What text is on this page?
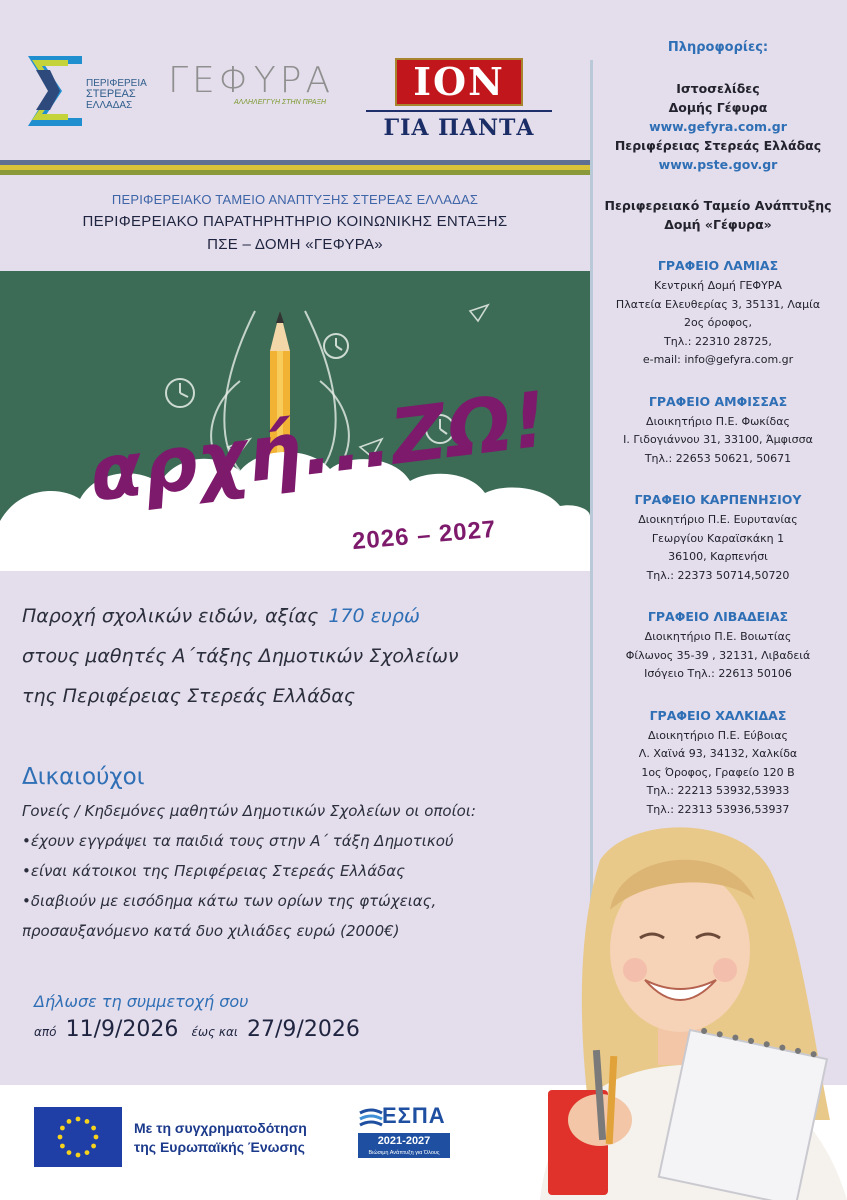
ΠΕΡΙΦΕΡΕΙΑ
ΣΤΕΡΕΑΣ
ΕΛΛΑΔΑΣ
ΓΕΦΥΡΑ
ΑΛΛΗΛΕΓΓΥΗ ΣΤΗΝ ΠΡΑΞΗ	ΙΟΝ
ΓΙΑ ΠΑΝΤΑ
ΠΕΡΙΦΕΡΕΙΑΚΟ ΤΑΜΕΙΟ ΑΝΑΠΤΥΞΗΣ ΣΤΕΡΕΑΣ ΕΛΛΑΔΑΣ
ΠΕΡΙΦΕΡΕΙΑΚΟ ΠΑΡΑΤΗΡΗΤΗΡΙΟ ΚΟΙΝΩΝΙΚΗΣ ΕΝΤΑΞΗΣ
ΠΣΕ – ΔΟΜΗ «ΓΕΦΥΡΑ»
αρχή...ΖΩ!
2026 – 2027
Παροχή σχολικών ειδών, αξίας 170 ευρώ
στους μαθητές Α΄τάξης Δημοτικών Σχολείων
της Περιφέρειας Στερεάς Ελλάδας
Δικαιούχοι
Γονείς / Κηδεμόνες μαθητών Δημοτικών Σχολείων οι οποίοι:
•έχουν εγγράψει τα παιδιά τους στην Α΄ τάξη Δημοτικού
•είναι κάτοικοι της Περιφέρειας Στερεάς Ελλάδας
•διαβιούν με εισόδημα κάτω των ορίων της φτώχειας,
προσαυξανόμενο κατά δυο χιλιάδες ευρώ (2000€)
Δήλωσε τη συμμετοχή σου
από 11/9/2026 έως και 27/9/2026
Πληροφορίες:
Ιστοσελίδες
Δομής Γέφυρα
www.gefyra.com.gr
Περιφέρειας Στερεάς Ελλάδας
www.pste.gov.gr
Περιφερειακό Ταμείο Ανάπτυξης
Δομή «Γέφυρα»
ΓΡΑΦΕΙΟ ΛΑΜΙΑΣ
Κεντρική Δομή ΓΕΦΥΡΑ
Πλατεία Ελευθερίας 3, 35131, Λαμία
2ος όροφος,
Τηλ.: 22310 28725,
e-mail: info@gefyra.com.gr
ΓΡΑΦΕΙΟ ΑΜΦΙΣΣΑΣ
Διοικητήριο Π.Ε. Φωκίδας
Ι. Γιδογιάννου 31, 33100, Άμφισσα
Τηλ.: 22653 50621, 50671
ΓΡΑΦΕΙΟ ΚΑΡΠΕΝΗΣΙΟΥ
Διοικητήριο Π.Ε. Ευρυτανίας
Γεωργίου Καραϊσκάκη 1
36100, Καρπενήσι
Τηλ.: 22373 50714,50720
ΓΡΑΦΕΙΟ ΛΙΒΑΔΕΙΑΣ
Διοικητήριο Π.Ε. Βοιωτίας
Φίλωνος 35-39 , 32131, Λιβαδειά
Ισόγειο Τηλ.: 22613 50106
ΓΡΑΦΕΙΟ ΧΑΛΚΙΔΑΣ
Διοικητήριο Π.Ε. Εύβοιας
Λ. Χαϊνά 93, 34132, Χαλκίδα
1ος Όροφος, Γραφείο 120 Β
Τηλ.: 22213 53932,53933
Τηλ.: 22313 53936,53937
Με τη συγχρηματοδότηση
της Ευρωπαϊκής Ένωσης
ΕΣΠΑ
2021-2027
Βιώσιμη Ανάπτυξη για Όλους
